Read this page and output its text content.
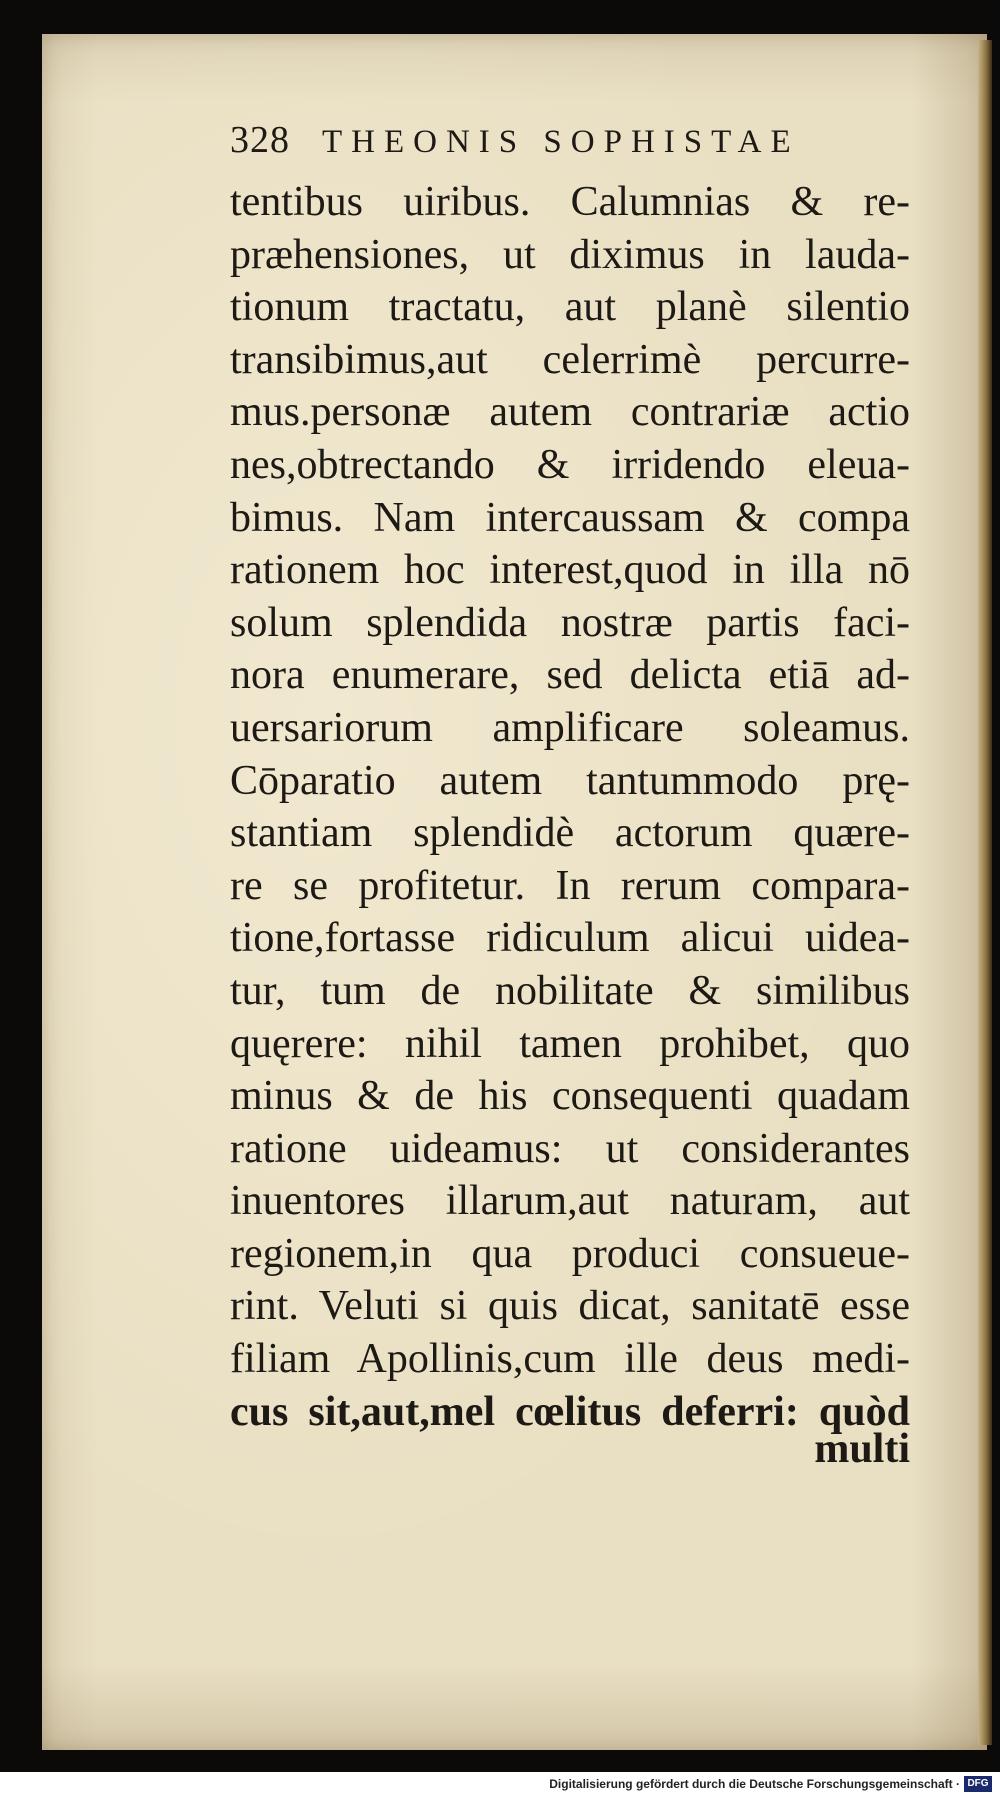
328 THEONIS SOPHISTAE
tentibus uiribus. Calumnias & re-
præhensiones, ut diximus in lauda-
tionum tractatu, aut planè silentio
transibimus,aut celerrimè percurre-
mus.personæ autem contrariæ actio
nes,obtrectando & irridendo eleua-
bimus. Nam intercaussam & compa
rationem hoc interest,quod in illa nō
solum splendida nostræ partis faci-
nora enumerare, sed delicta etiā ad-
uersariorum amplificare soleamus.
Cōparatio autem tantummodo prę-
stantiam splendidè actorum quære-
re se profitetur. In rerum compara-
tione,fortasse ridiculum alicui uidea-
tur, tum de nobilitate & similibus
quęrere: nihil tamen prohibet, quo
minus & de his consequenti quadam
ratione uideamus: ut considerantes
inuentores illarum,aut naturam, aut
regionem,in qua produci consueue-
rint. Veluti si quis dicat, sanitatē esse
filiam Apollinis,cum ille deus medi-
cus sit,aut,mel cœlitus deferri: quòd
multi
Digitalisierung gefördert durch die Deutsche Forschungsgemeinschaft · DFG
